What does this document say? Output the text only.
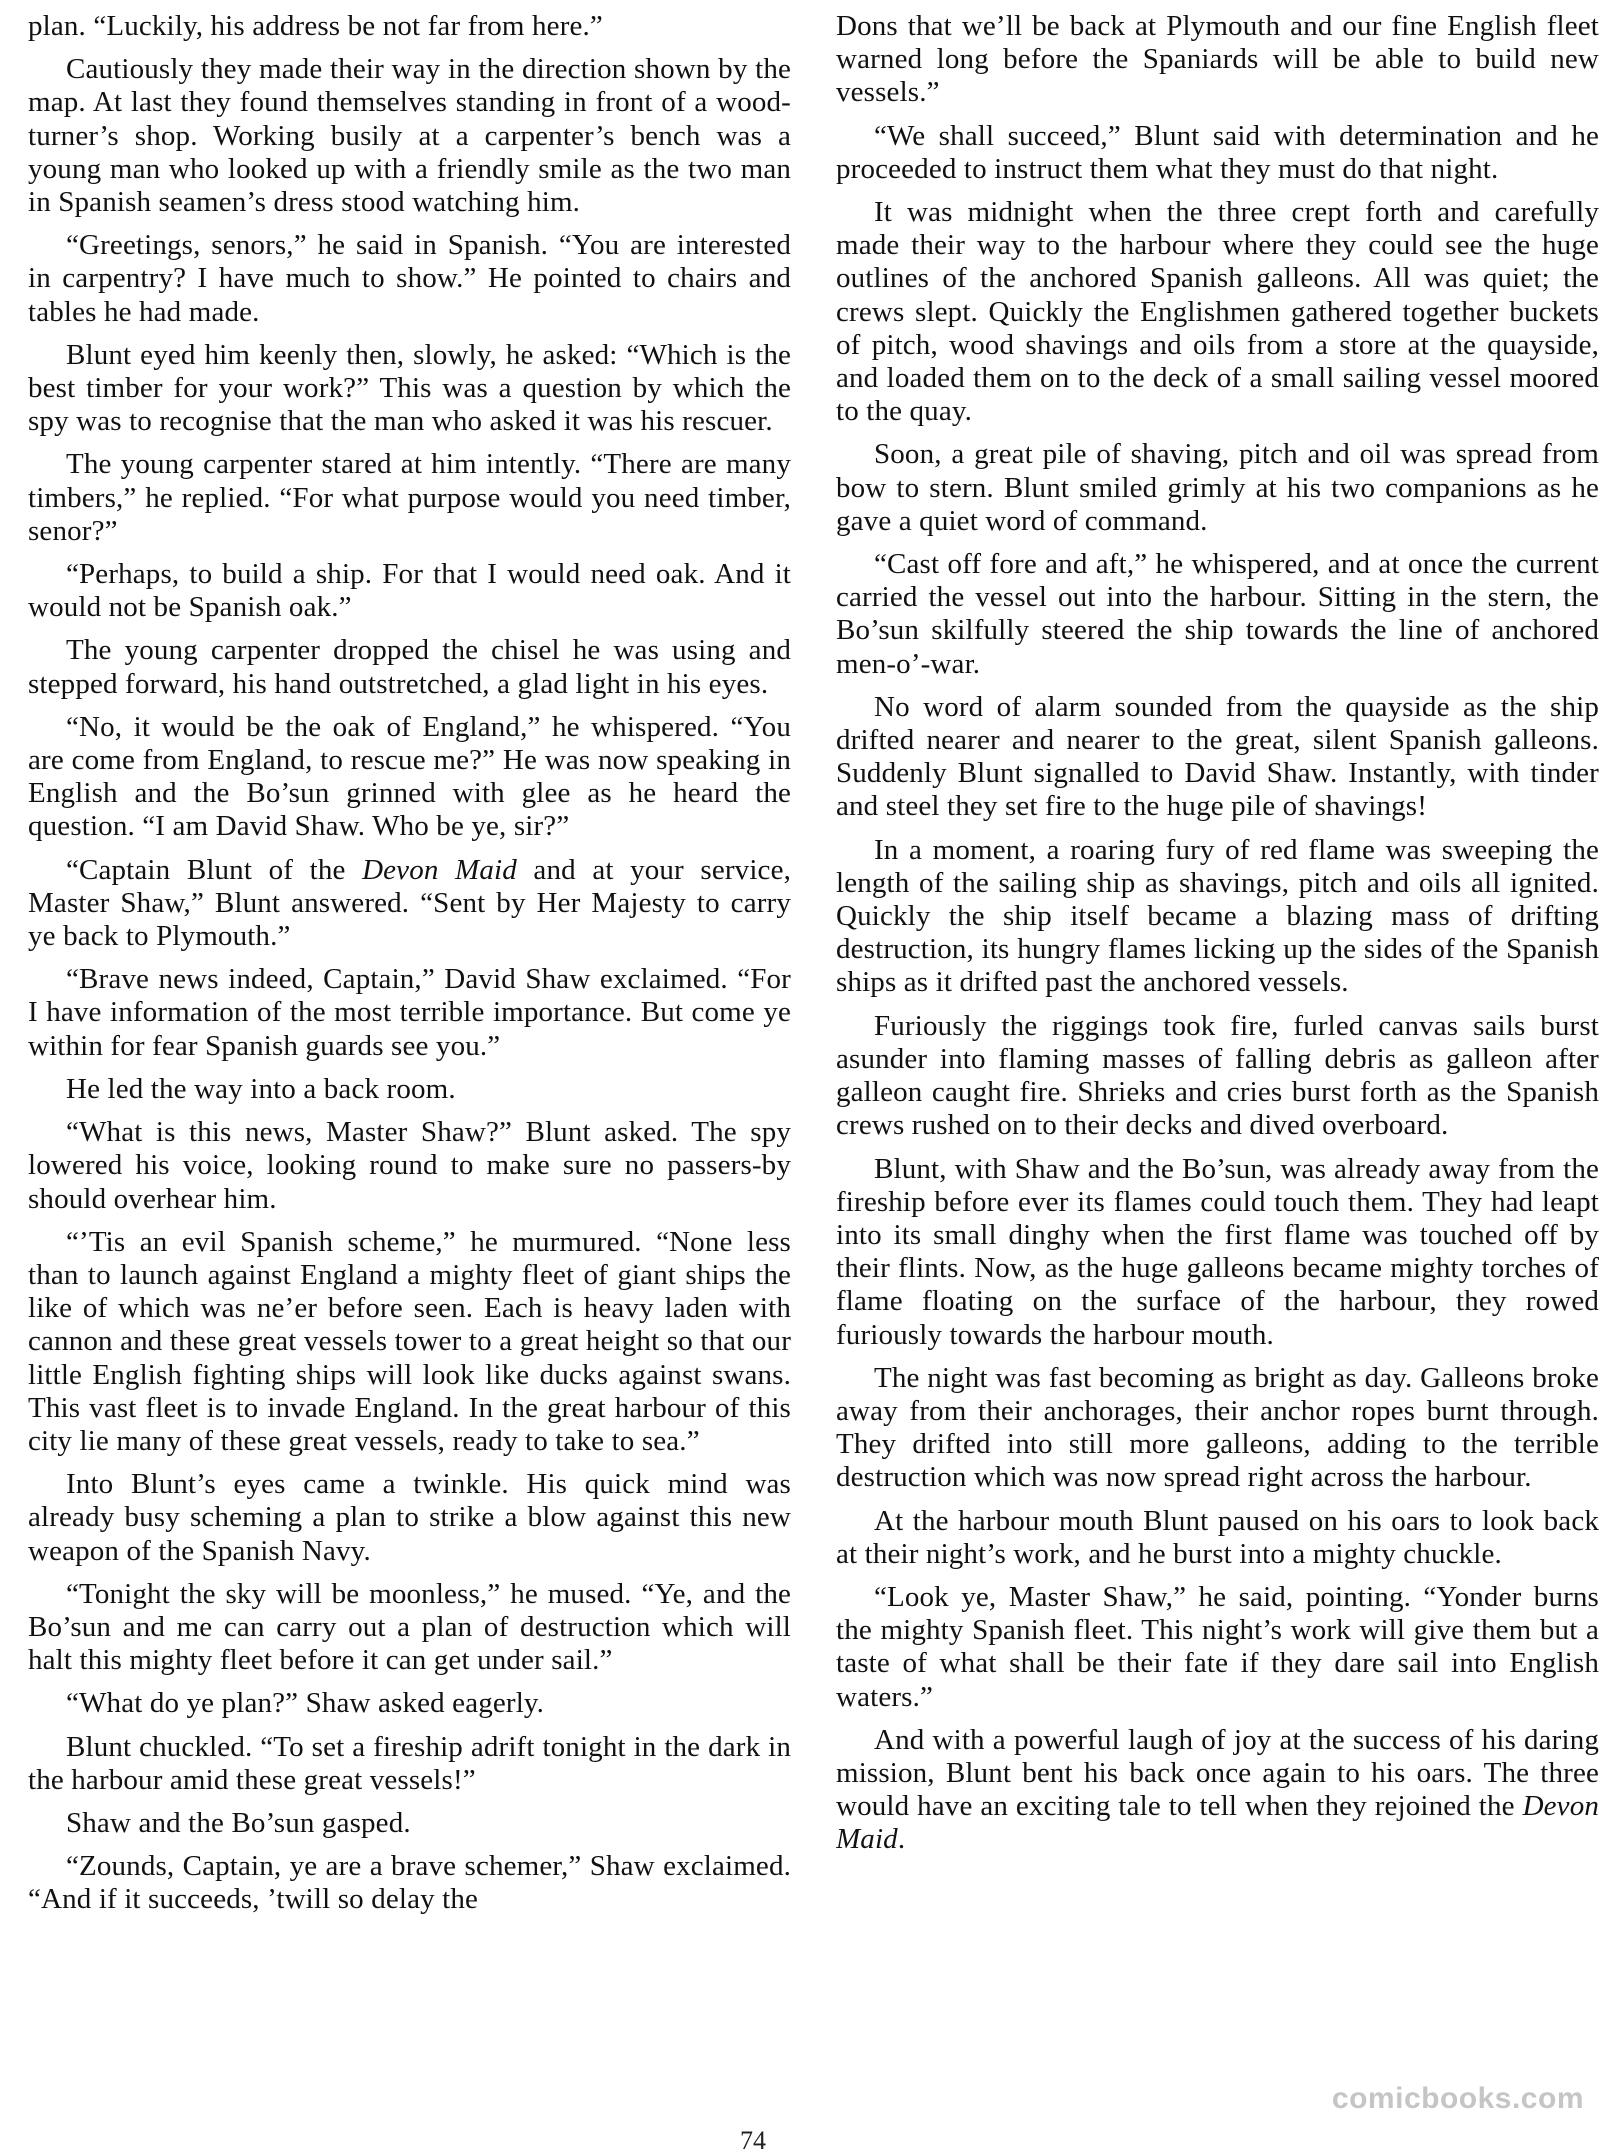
plan. “Luckily, his address be not far from here.”

Cautiously they made their way in the direction shown by the map. At last they found themselves standing in front of a wood-turner’s shop. Working busily at a carpenter’s bench was a young man who looked up with a friendly smile as the two man in Spanish seamen’s dress stood watching him.

“Greetings, senors,” he said in Spanish. “You are interested in carpentry? I have much to show.” He pointed to chairs and tables he had made.

Blunt eyed him keenly then, slowly, he asked: “Which is the best timber for your work?” This was a question by which the spy was to recognise that the man who asked it was his rescuer.

The young carpenter stared at him intently. “There are many timbers,” he replied. “For what purpose would you need timber, senor?”

“Perhaps, to build a ship. For that I would need oak. And it would not be Spanish oak.”

The young carpenter dropped the chisel he was using and stepped forward, his hand outstretched, a glad light in his eyes.

“No, it would be the oak of England,” he whispered. “You are come from England, to rescue me?” He was now speaking in English and the Bo’sun grinned with glee as he heard the question. “I am David Shaw. Who be ye, sir?”

“Captain Blunt of the Devon Maid and at your service, Master Shaw,” Blunt answered. “Sent by Her Majesty to carry ye back to Plymouth.”

“Brave news indeed, Captain,” David Shaw exclaimed. “For I have information of the most terrible importance. But come ye within for fear Spanish guards see you.”

He led the way into a back room.

“What is this news, Master Shaw?” Blunt asked. The spy lowered his voice, looking round to make sure no passers-by should overhear him.

“’Tis an evil Spanish scheme,” he murmured. “None less than to launch against England a mighty fleet of giant ships the like of which was ne’er before seen. Each is heavy laden with cannon and these great vessels tower to a great height so that our little English fighting ships will look like ducks against swans. This vast fleet is to invade England. In the great harbour of this city lie many of these great vessels, ready to take to sea.”

Into Blunt’s eyes came a twinkle. His quick mind was already busy scheming a plan to strike a blow against this new weapon of the Spanish Navy.

“Tonight the sky will be moonless,” he mused. “Ye, and the Bo’sun and me can carry out a plan of destruction which will halt this mighty fleet before it can get under sail.”

“What do ye plan?” Shaw asked eagerly.

Blunt chuckled. “To set a fireship adrift tonight in the dark in the harbour amid these great vessels!”

Shaw and the Bo’sun gasped.

“Zounds, Captain, ye are a brave schemer,” Shaw exclaimed. “And if it succeeds, ’twill so delay the

Dons that we’ll be back at Plymouth and our fine English fleet warned long before the Spaniards will be able to build new vessels.”

“We shall succeed,” Blunt said with determination and he proceeded to instruct them what they must do that night.

It was midnight when the three crept forth and carefully made their way to the harbour where they could see the huge outlines of the anchored Spanish galleons. All was quiet; the crews slept. Quickly the Englishmen gathered together buckets of pitch, wood shavings and oils from a store at the quayside, and loaded them on to the deck of a small sailing vessel moored to the quay.

Soon, a great pile of shaving, pitch and oil was spread from bow to stern. Blunt smiled grimly at his two companions as he gave a quiet word of command.

“Cast off fore and aft,” he whispered, and at once the current carried the vessel out into the harbour. Sitting in the stern, the Bo’sun skilfully steered the ship towards the line of anchored men-o’-war.

No word of alarm sounded from the quayside as the ship drifted nearer and nearer to the great, silent Spanish galleons. Suddenly Blunt signalled to David Shaw. Instantly, with tinder and steel they set fire to the huge pile of shavings!

In a moment, a roaring fury of red flame was sweeping the length of the sailing ship as shavings, pitch and oils all ignited. Quickly the ship itself became a blazing mass of drifting destruction, its hungry flames licking up the sides of the Spanish ships as it drifted past the anchored vessels.

Furiously the riggings took fire, furled canvas sails burst asunder into flaming masses of falling debris as galleon after galleon caught fire. Shrieks and cries burst forth as the Spanish crews rushed on to their decks and dived overboard.

Blunt, with Shaw and the Bo’sun, was already away from the fireship before ever its flames could touch them. They had leapt into its small dinghy when the first flame was touched off by their flints. Now, as the huge galleons became mighty torches of flame floating on the surface of the harbour, they rowed furiously towards the harbour mouth.

The night was fast becoming as bright as day. Galleons broke away from their anchorages, their anchor ropes burnt through. They drifted into still more galleons, adding to the terrible destruction which was now spread right across the harbour.

At the harbour mouth Blunt paused on his oars to look back at their night’s work, and he burst into a mighty chuckle.

“Look ye, Master Shaw,” he said, pointing. “Yonder burns the mighty Spanish fleet. This night’s work will give them but a taste of what shall be their fate if they dare sail into English waters.”

And with a powerful laugh of joy at the success of his daring mission, Blunt bent his back once again to his oars. The three would have an exciting tale to tell when they rejoined the Devon Maid.

comicbooks.com
74
